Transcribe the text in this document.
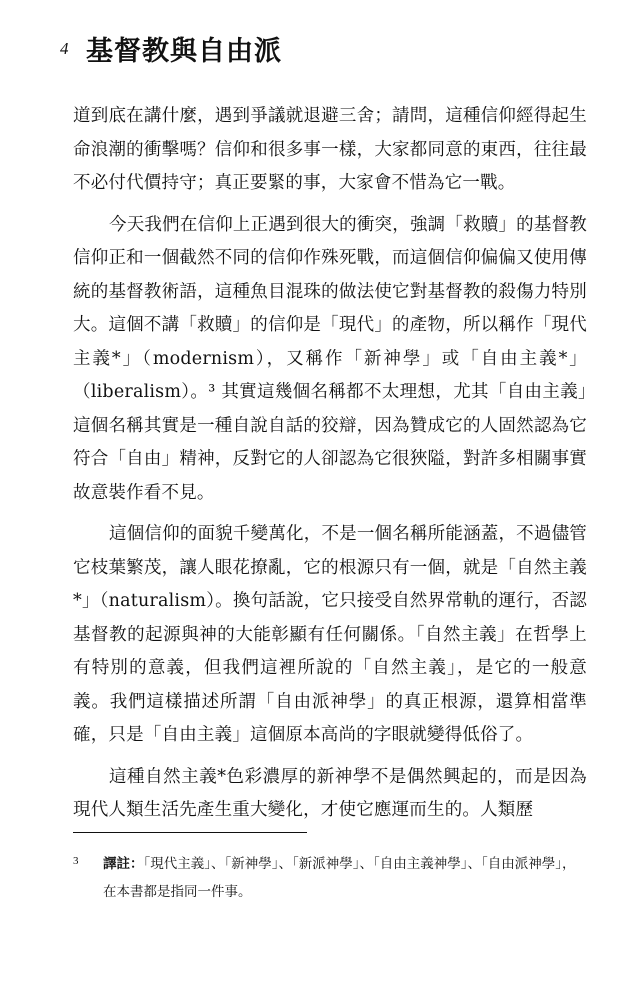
4 基督教與自由派

道到底在講什麼，遇到爭議就退避三舍；請問，這種信仰經得起生命浪潮的衝擊嗎？信仰和很多事一樣，大家都同意的東西，往往最不必付代價持守；真正要緊的事，大家會不惜為它一戰。

今天我們在信仰上正遇到很大的衝突，強調「救贖」的基督教信仰正和一個截然不同的信仰作殊死戰，而這個信仰偏偏又使用傳統的基督教術語，這種魚目混珠的做法使它對基督教的殺傷力特別大。這個不講「救贖」的信仰是「現代」的產物，所以稱作「現代主義*」（modernism），又稱作「新神學」或「自由主義*」（liberalism）。³ 其實這幾個名稱都不太理想，尤其「自由主義」這個名稱其實是一種自說自話的狡辯，因為贊成它的人固然認為它符合「自由」精神，反對它的人卻認為它很狹隘，對許多相關事實故意裝作看不見。

這個信仰的面貌千變萬化，不是一個名稱所能涵蓋，不過儘管它枝葉繁茂，讓人眼花撩亂，它的根源只有一個，就是「自然主義*」（naturalism）。換句話說，它只接受自然界常軌的運行，否認基督教的起源與神的大能彰顯有任何關係。「自然主義」在哲學上有特別的意義，但我們這裡所說的「自然主義」，是它的一般意義。我們這樣描述所謂「自由派神學」的真正根源，還算相當準確，只是「自由主義」這個原本高尚的字眼就變得低俗了。

這種自然主義*色彩濃厚的新神學不是偶然興起的，而是因為現代人類生活先產生重大變化，才使它應運而生的。人類歷

3 譯註：「現代主義」、「新神學」、「新派神學」、「自由主義神學」、「自由派神學」，在本書都是指同一件事。
